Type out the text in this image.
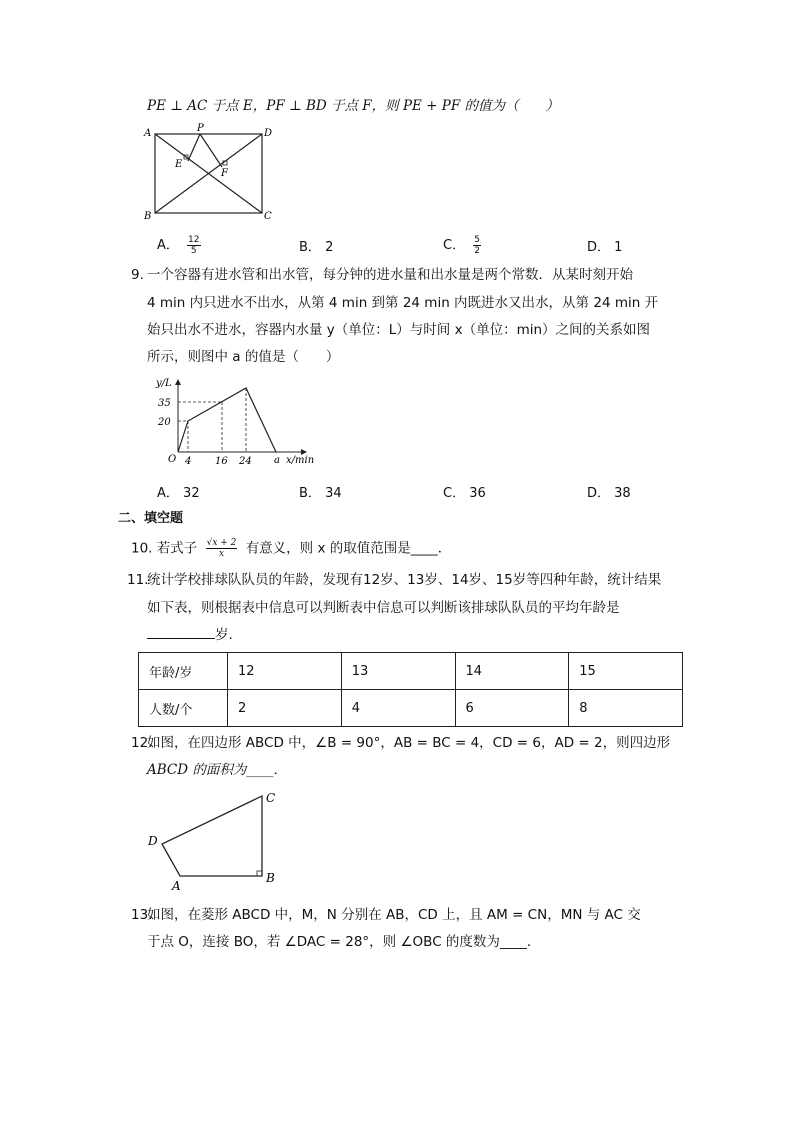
PE ⊥ AC 于点 E，PF ⊥ BD 于点 F，则 PE + PF 的值为（　　）
A	P	D
E
F
B	C
A． $\frac{12}{5}$	B． 2	C． $\frac{5}{2}$	D． 1
9. 一个容器有进水管和出水管，每分钟的进水量和出水量是两个常数．从某时刻开始
4 min 内只进水不出水，从第 4 min 到第 24 min 内既进水又出水，从第 24 min 开
始只出水不进水，容器内水量 y（单位：L）与时间 x（单位：min）之间的关系如图
所示，则图中 a 的值是（　　）
y/L
35
20
O 4 16 24 a x/min
A． 32	B． 34	C． 36	D． 38
二、填空题
10. 若式子 $\frac{√x + 2}{x}$ 有意义，则 x 的取值范围是____．
11.
统计学校排球队队员的年龄，发现有12岁、13岁、14岁、15岁等四种年龄，统计结果
如下表，则根据表中信息可以判断表中信息可以判断该排球队队员的平均年龄是
岁.
年龄/岁	12	13	14	15
人数/个	2	4	6	8
12.
如图，在四边形 ABCD 中，∠B = 90°，AB = BC = 4，CD = 6，AD = 2，则四边形
ABCD 的面积为____．
C
D
A
B
13.
如图，在菱形 ABCD 中，M，N 分别在 AB，CD 上，且 AM = CN，MN 与 AC 交
于点 O，连接 BO，若 ∠DAC = 28°，则 ∠OBC 的度数为____．
